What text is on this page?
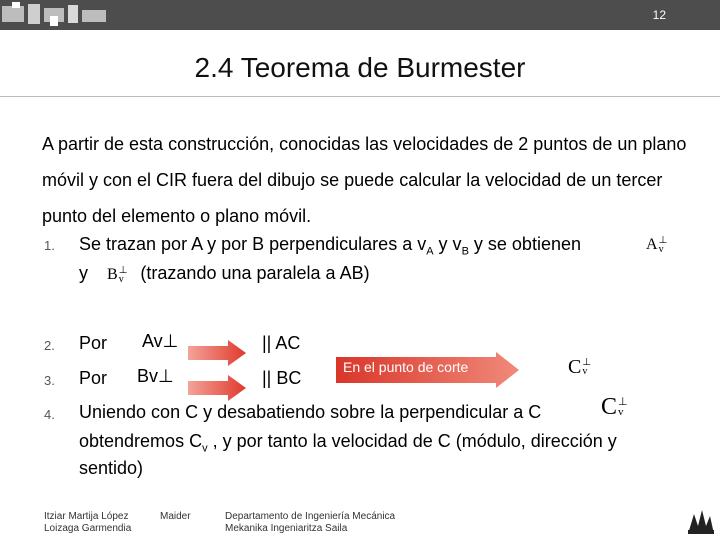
12
2.4 Teorema de Burmester
A partir de esta construcción, conocidas las velocidades de 2 puntos de un plano móvil y con el CIR fuera del dibujo se puede calcular la velocidad de un tercer punto del elemento o plano móvil.
1. Se trazan por A y por B perpendiculares a $v_A$ y $v_B$ y se obtienen	A⊥
v
y B⊥
v (trazando una paralela a AB)
2. Por Av⊥	|| AC
3. Por Bv⊥	|| BC
En el punto de corte	C⊥
v
4. Uniendo con C y desabatiendo sobre la perpendicular a C C⊥
v
obtendremos $C_v$ , y por tanto la velocidad de C (módulo, dirección y
sentido)
Itziar Martija López
Loizaga Garmendia
Maider	Departamento de Ingeniería Mecánica
Mekanika Ingeniaritza Saila
